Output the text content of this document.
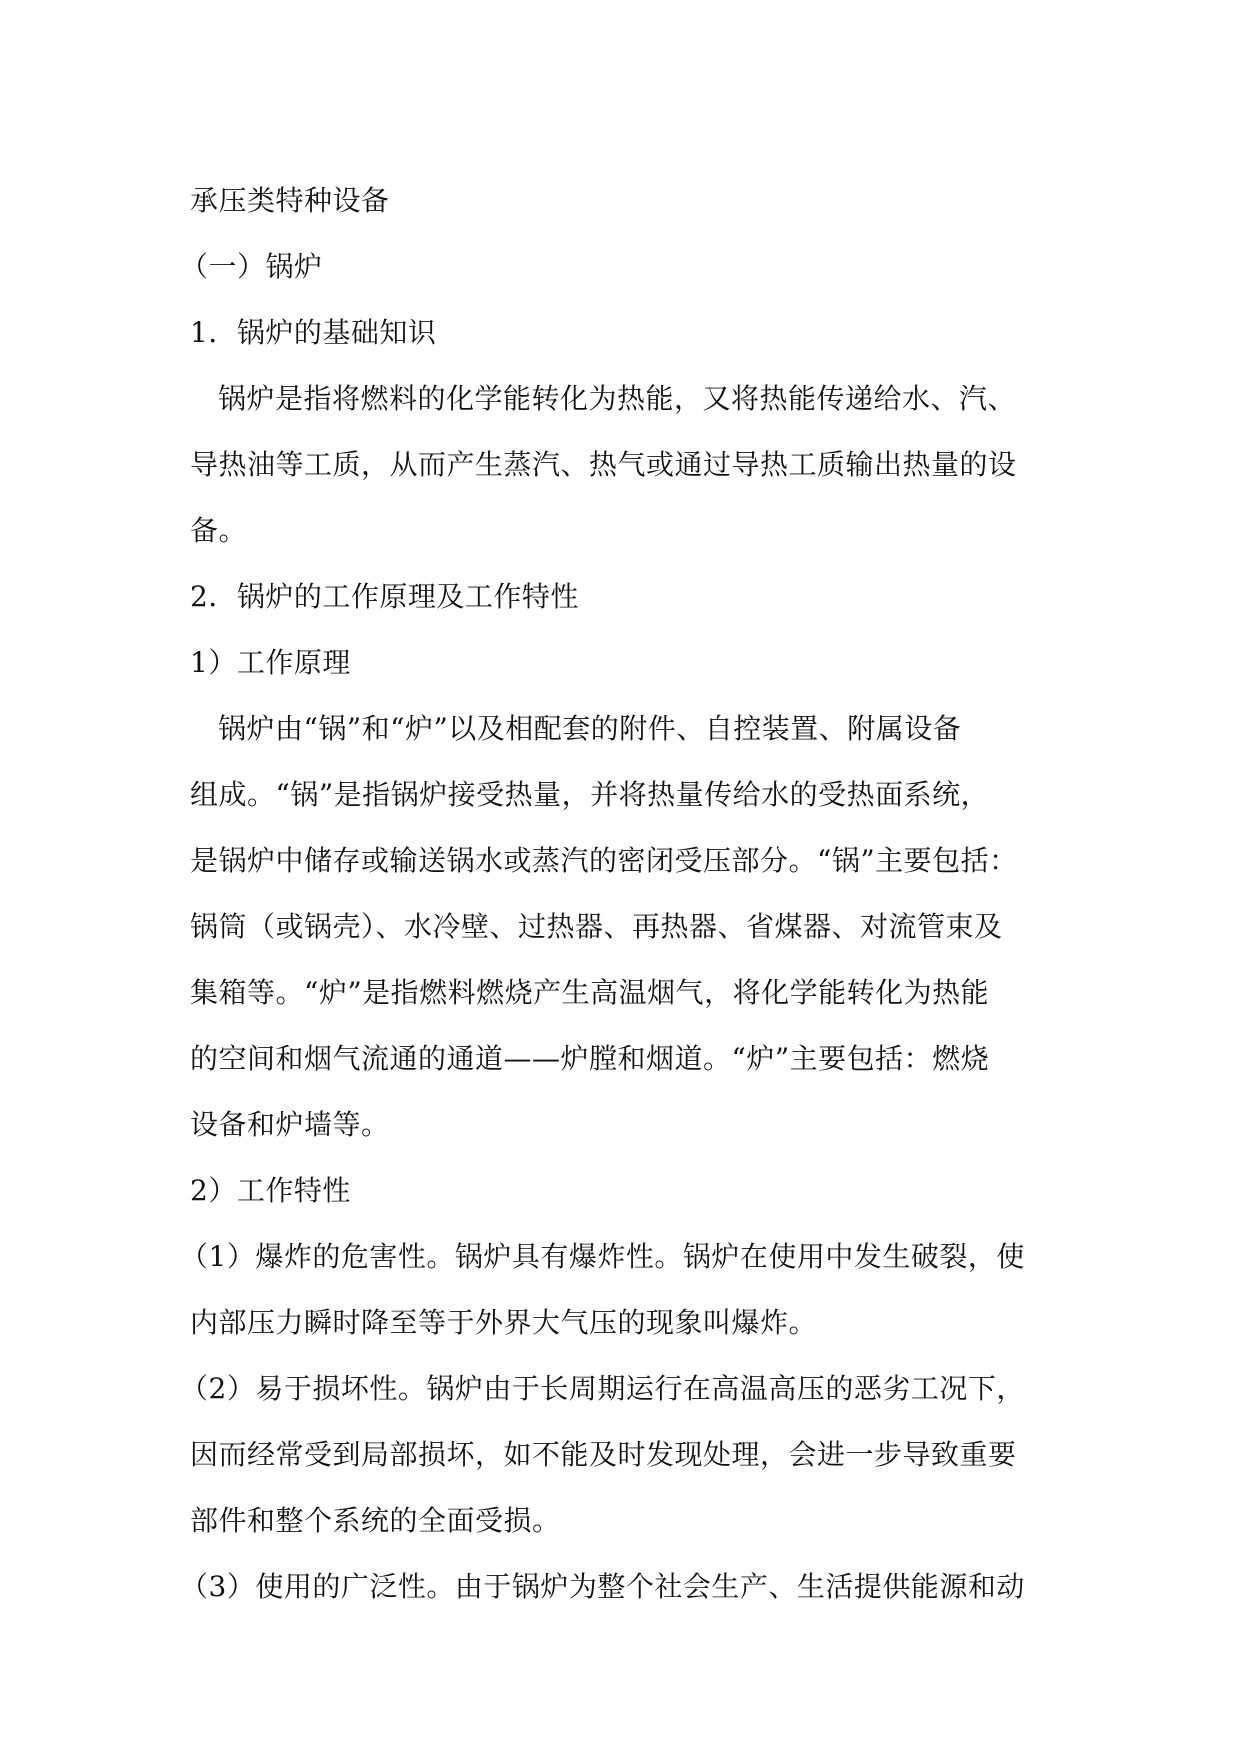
承压类特种设备
（一）锅炉
1．锅炉的基础知识
锅炉是指将燃料的化学能转化为热能，又将热能传递给水、汽、
导热油等工质，从而产生蒸汽、热气或通过导热工质输出热量的设
备。
2．锅炉的工作原理及工作特性
1）工作原理
锅炉由“锅”和“炉”以及相配套的附件、自控装置、附属设备
组成。“锅”是指锅炉接受热量，并将热量传给水的受热面系统，
是锅炉中储存或输送锅水或蒸汽的密闭受压部分。“锅”主要包括：
锅筒（或锅壳）、水冷壁、过热器、再热器、省煤器、对流管束及
集箱等。“炉”是指燃料燃烧产生高温烟气，将化学能转化为热能
的空间和烟气流通的通道——炉膛和烟道。“炉”主要包括：燃烧
设备和炉墙等。
2）工作特性
（1）爆炸的危害性。锅炉具有爆炸性。锅炉在使用中发生破裂，使
内部压力瞬时降至等于外界大气压的现象叫爆炸。
（2）易于损坏性。锅炉由于长周期运行在高温高压的恶劣工况下，
因而经常受到局部损坏，如不能及时发现处理，会进一步导致重要
部件和整个系统的全面受损。
（3）使用的广泛性。由于锅炉为整个社会生产、生活提供能源和动
